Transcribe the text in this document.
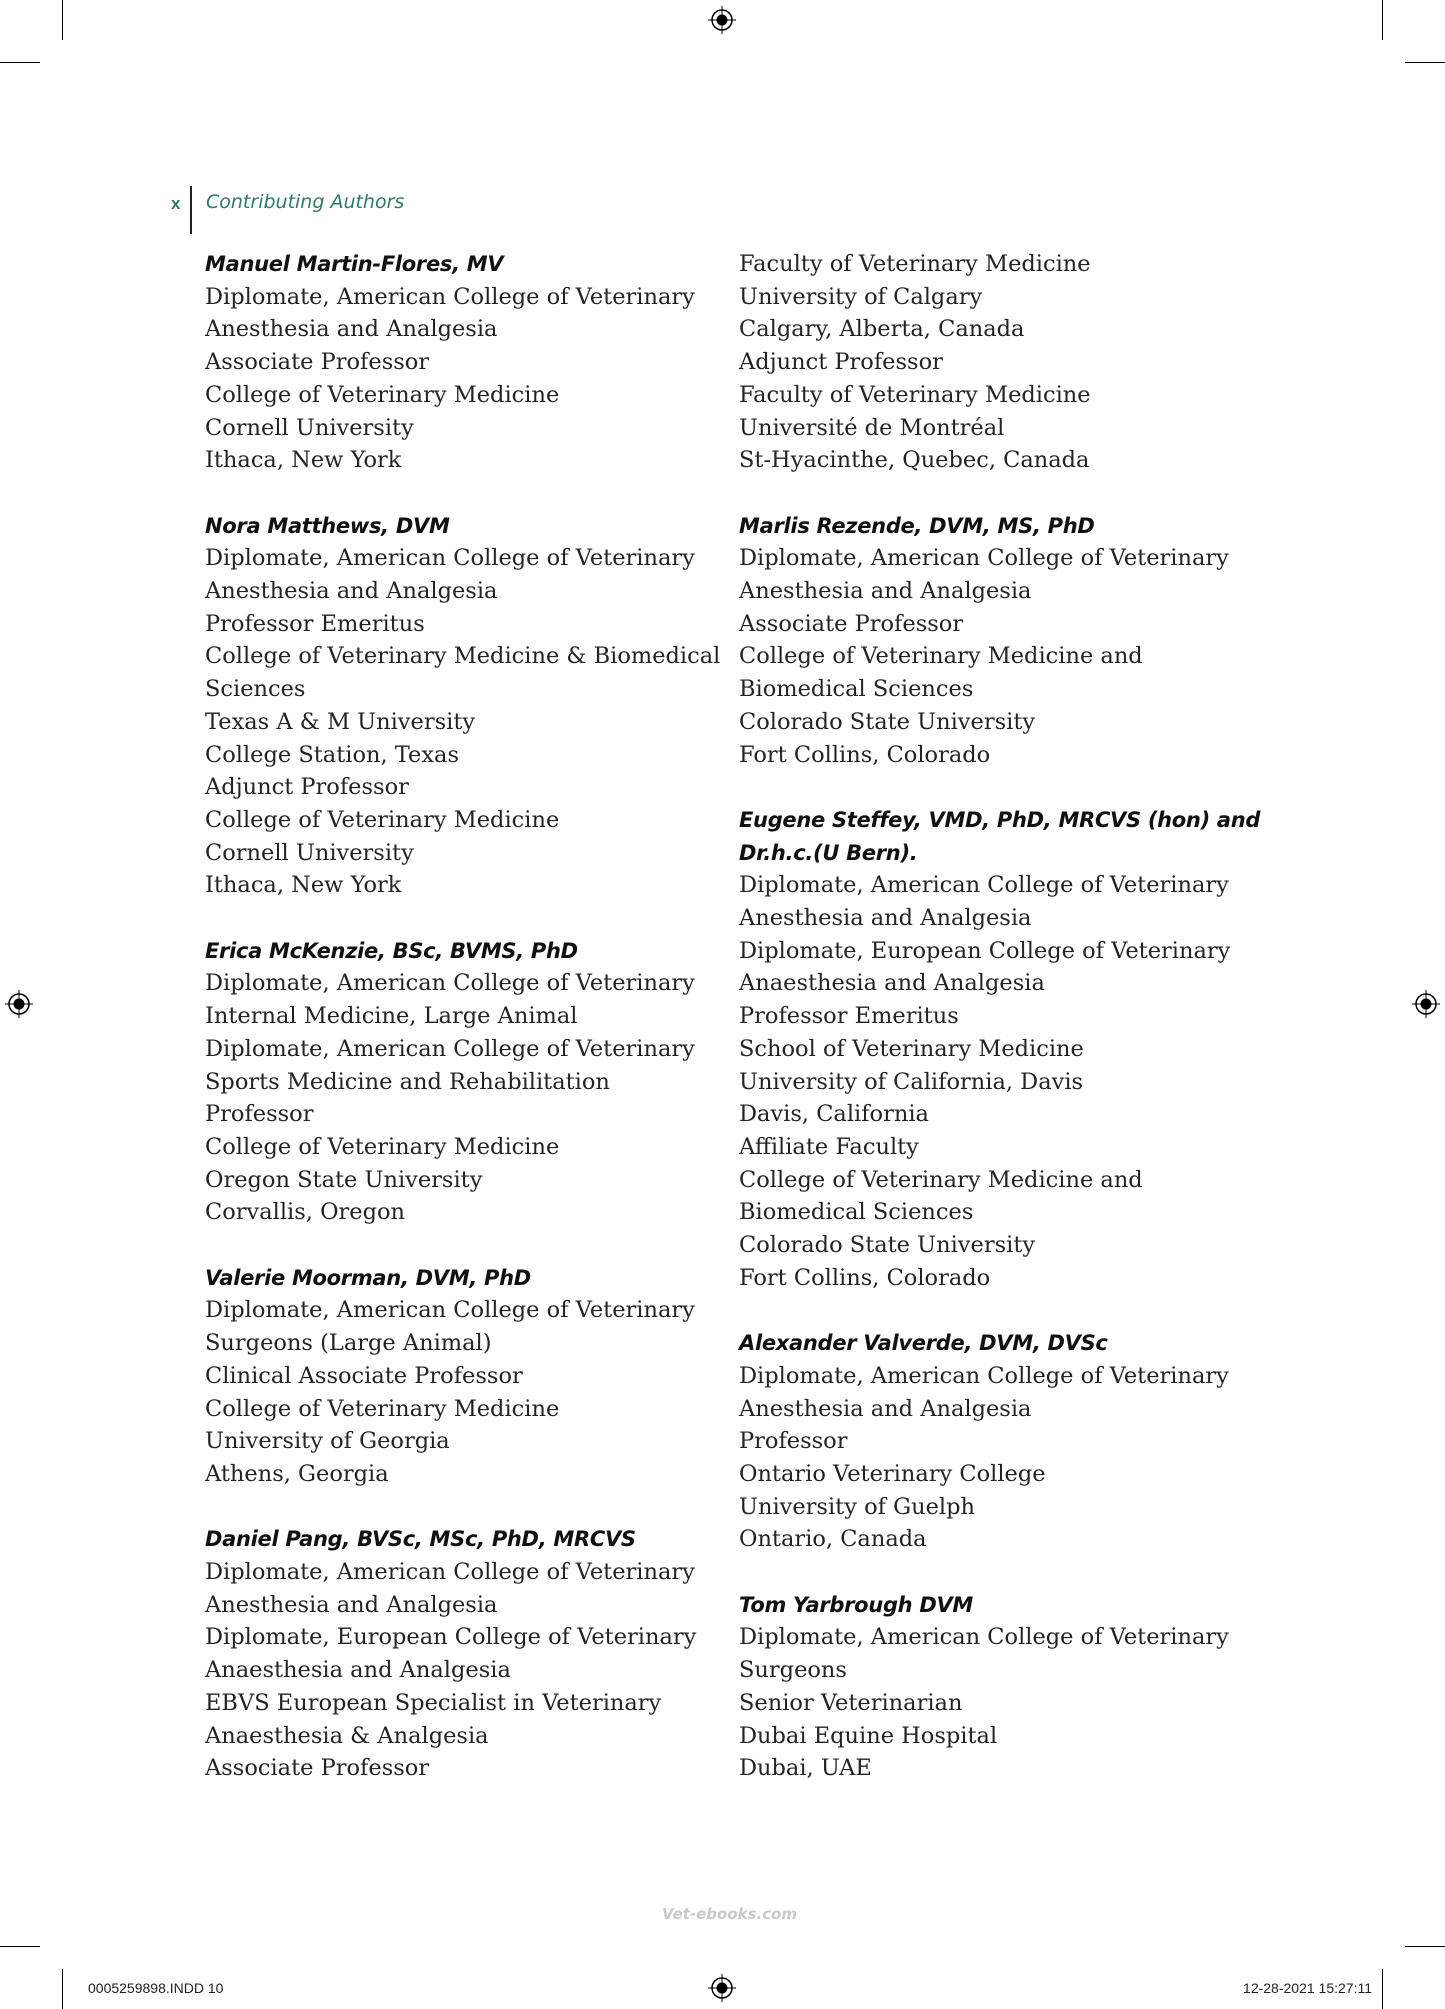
x Contributing Authors
Manuel Martin-Flores, MV
Diplomate, American College of Veterinary
Anesthesia and Analgesia
Associate Professor
College of Veterinary Medicine
Cornell University
Ithaca, New York
Nora Matthews, DVM
Diplomate, American College of Veterinary
Anesthesia and Analgesia
Professor Emeritus
College of Veterinary Medicine & Biomedical
Sciences
Texas A & M University
College Station, Texas
Adjunct Professor
College of Veterinary Medicine
Cornell University
Ithaca, New York
Erica McKenzie, BSc, BVMS, PhD
Diplomate, American College of Veterinary
Internal Medicine, Large Animal
Diplomate, American College of Veterinary
Sports Medicine and Rehabilitation
Professor
College of Veterinary Medicine
Oregon State University
Corvallis, Oregon
Valerie Moorman, DVM, PhD
Diplomate, American College of Veterinary
Surgeons (Large Animal)
Clinical Associate Professor
College of Veterinary Medicine
University of Georgia
Athens, Georgia
Daniel Pang, BVSc, MSc, PhD, MRCVS
Diplomate, American College of Veterinary
Anesthesia and Analgesia
Diplomate, European College of Veterinary
Anaesthesia and Analgesia
EBVS European Specialist in Veterinary
Anaesthesia & Analgesia
Associate Professor
Faculty of Veterinary Medicine
University of Calgary
Calgary, Alberta, Canada
Adjunct Professor
Faculty of Veterinary Medicine
Université de Montréal
St-Hyacinthe, Quebec, Canada
Marlis Rezende, DVM, MS, PhD
Diplomate, American College of Veterinary
Anesthesia and Analgesia
Associate Professor
College of Veterinary Medicine and
Biomedical Sciences
Colorado State University
Fort Collins, Colorado
Eugene Steffey, VMD, PhD, MRCVS (hon) and
Dr.h.c.(U Bern).
Diplomate, American College of Veterinary
Anesthesia and Analgesia
Diplomate, European College of Veterinary
Anaesthesia and Analgesia
Professor Emeritus
School of Veterinary Medicine
University of California, Davis
Davis, California
Affiliate Faculty
College of Veterinary Medicine and
Biomedical Sciences
Colorado State University
Fort Collins, Colorado
Alexander Valverde, DVM, DVSc
Diplomate, American College of Veterinary
Anesthesia and Analgesia
Professor
Ontario Veterinary College
University of Guelph
Ontario, Canada
Tom Yarbrough DVM
Diplomate, American College of Veterinary
Surgeons
Senior Veterinarian
Dubai Equine Hospital
Dubai, UAE
Vet-ebooks.com
0005259898.INDD 10	12-28-2021 15:27:11
